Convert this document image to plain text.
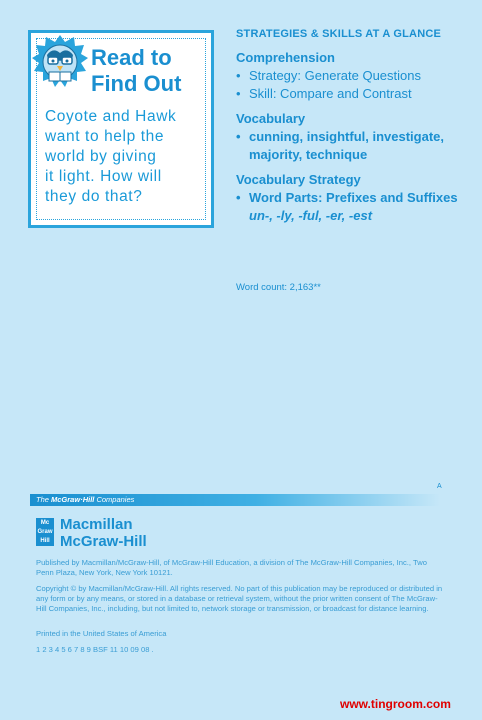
Read to
Find Out
Coyote and Hawk
want to help the
world by giving
it light. How will
they do that?
STRATEGIES & SKILLS AT A GLANCE
Comprehension
• Strategy: Generate Questions
• Skill: Compare and Contrast
Vocabulary
• cunning, insightful, investigate,
majority, technique
Vocabulary Strategy
• Word Parts: Prefixes and Suffixes
un-, -ly, -ful, -er, -est
Word count: 2,163**
A
The McGraw·Hill Companies
Mc
Graw
Hill
Macmillan
McGraw-Hill
Published by Macmillan/McGraw-Hill, of McGraw-Hill Education, a division of The McGraw-Hill Companies, Inc., Two Penn Plaza, New York, New York 10121.
Copyright © by Macmillan/McGraw-Hill. All rights reserved. No part of this publication may be reproduced or distributed in any form or by any means, or stored in a database or retrieval system, without the prior written consent of The McGraw-Hill Companies, Inc., including, but not limited to, network storage or transmission, or broadcast for distance learning.
Printed in the United States of America
1 2 3 4 5 6 7 8 9 BSF 11 10 09 08 .
www.tingroom.com
